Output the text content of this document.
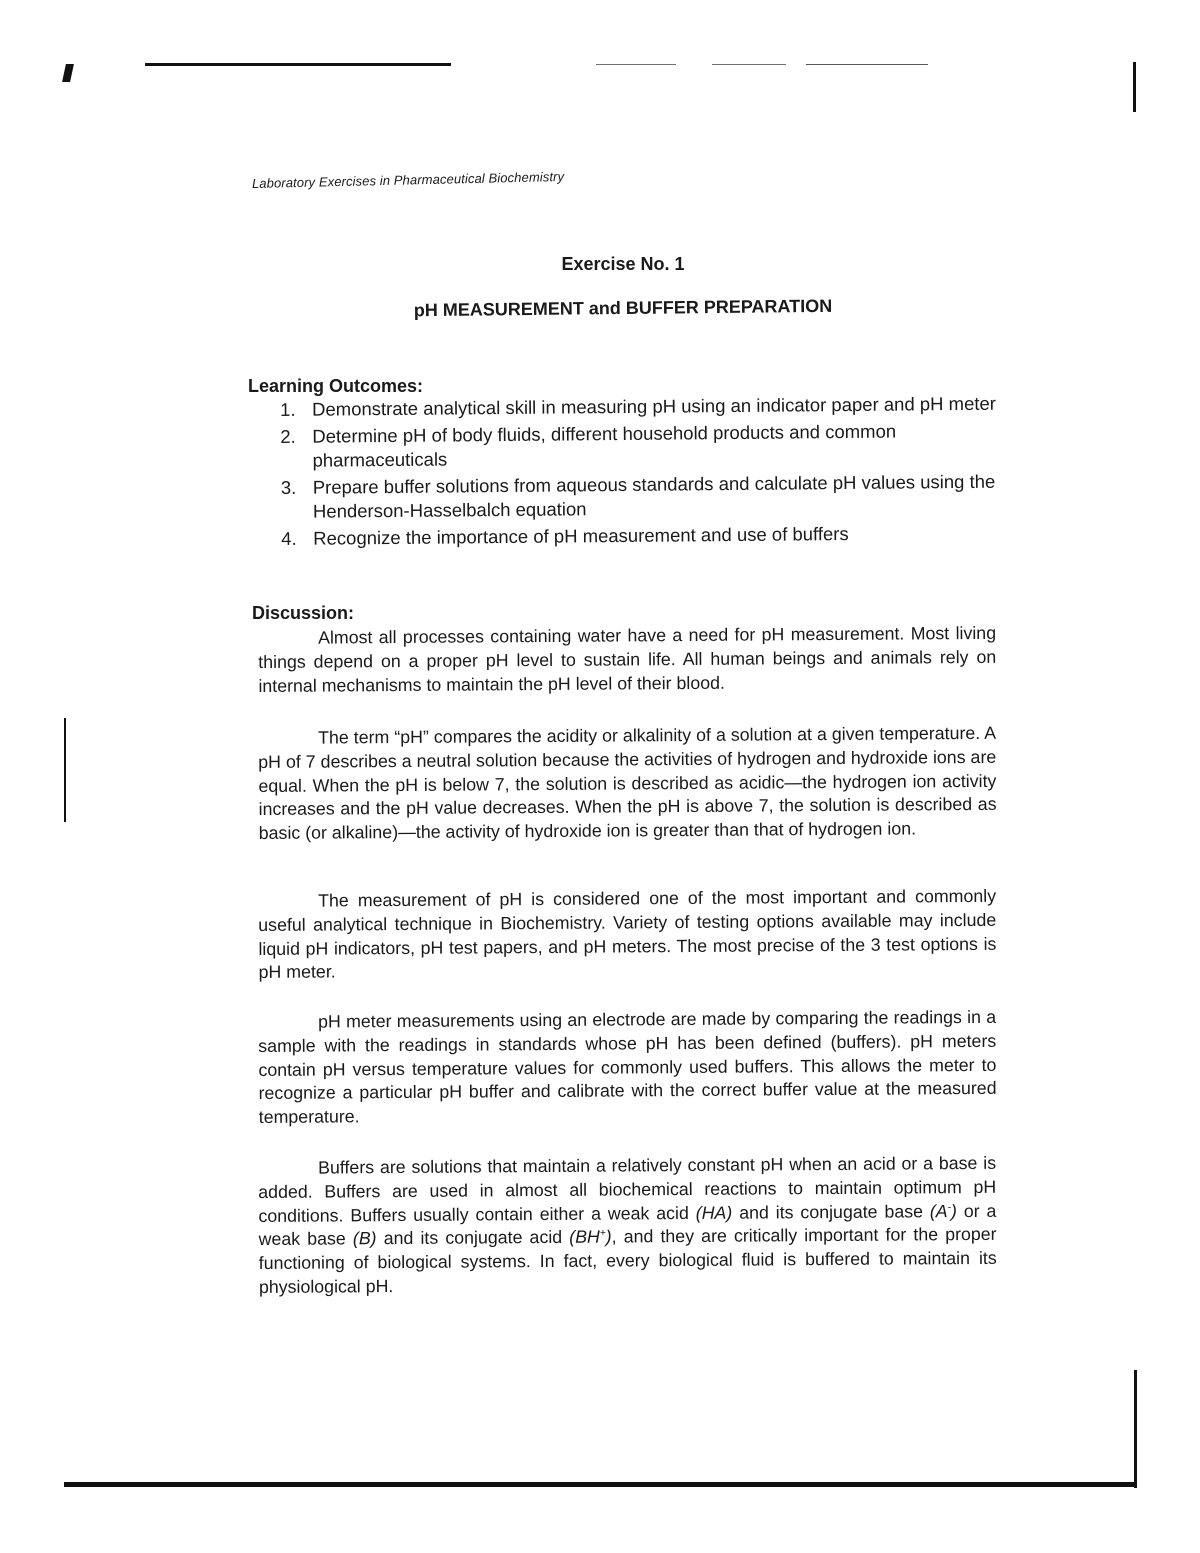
Laboratory Exercises in Pharmaceutical Biochemistry
Exercise No. 1
pH MEASUREMENT and BUFFER PREPARATION
Learning Outcomes:
1. Demonstrate analytical skill in measuring pH using an indicator paper and pH meter
2. Determine pH of body fluids, different household products and common pharmaceuticals
3. Prepare buffer solutions from aqueous standards and calculate pH values using the Henderson-Hasselbalch equation
4. Recognize the importance of pH measurement and use of buffers
Discussion:

Almost all processes containing water have a need for pH measurement. Most living things depend on a proper pH level to sustain life. All human beings and animals rely on internal mechanisms to maintain the pH level of their blood.

The term “pH” compares the acidity or alkalinity of a solution at a given temperature. A pH of 7 describes a neutral solution because the activities of hydrogen and hydroxide ions are equal. When the pH is below 7, the solution is described as acidic—the hydrogen ion activity increases and the pH value decreases. When the pH is above 7, the solution is described as basic (or alkaline)—the activity of hydroxide ion is greater than that of hydrogen ion.

The measurement of pH is considered one of the most important and commonly useful analytical technique in Biochemistry. Variety of testing options available may include liquid pH indicators, pH test papers, and pH meters. The most precise of the 3 test options is pH meter.

pH meter measurements using an electrode are made by comparing the readings in a sample with the readings in standards whose pH has been defined (buffers). pH meters contain pH versus temperature values for commonly used buffers. This allows the meter to recognize a particular pH buffer and calibrate with the correct buffer value at the measured temperature.

Buffers are solutions that maintain a relatively constant pH when an acid or a base is added. Buffers are used in almost all biochemical reactions to maintain optimum pH conditions. Buffers usually contain either a weak acid (HA) and its conjugate base (A-) or a weak base (B) and its conjugate acid (BH+), and they are critically important for the proper functioning of biological systems. In fact, every biological fluid is buffered to maintain its physiological pH.
